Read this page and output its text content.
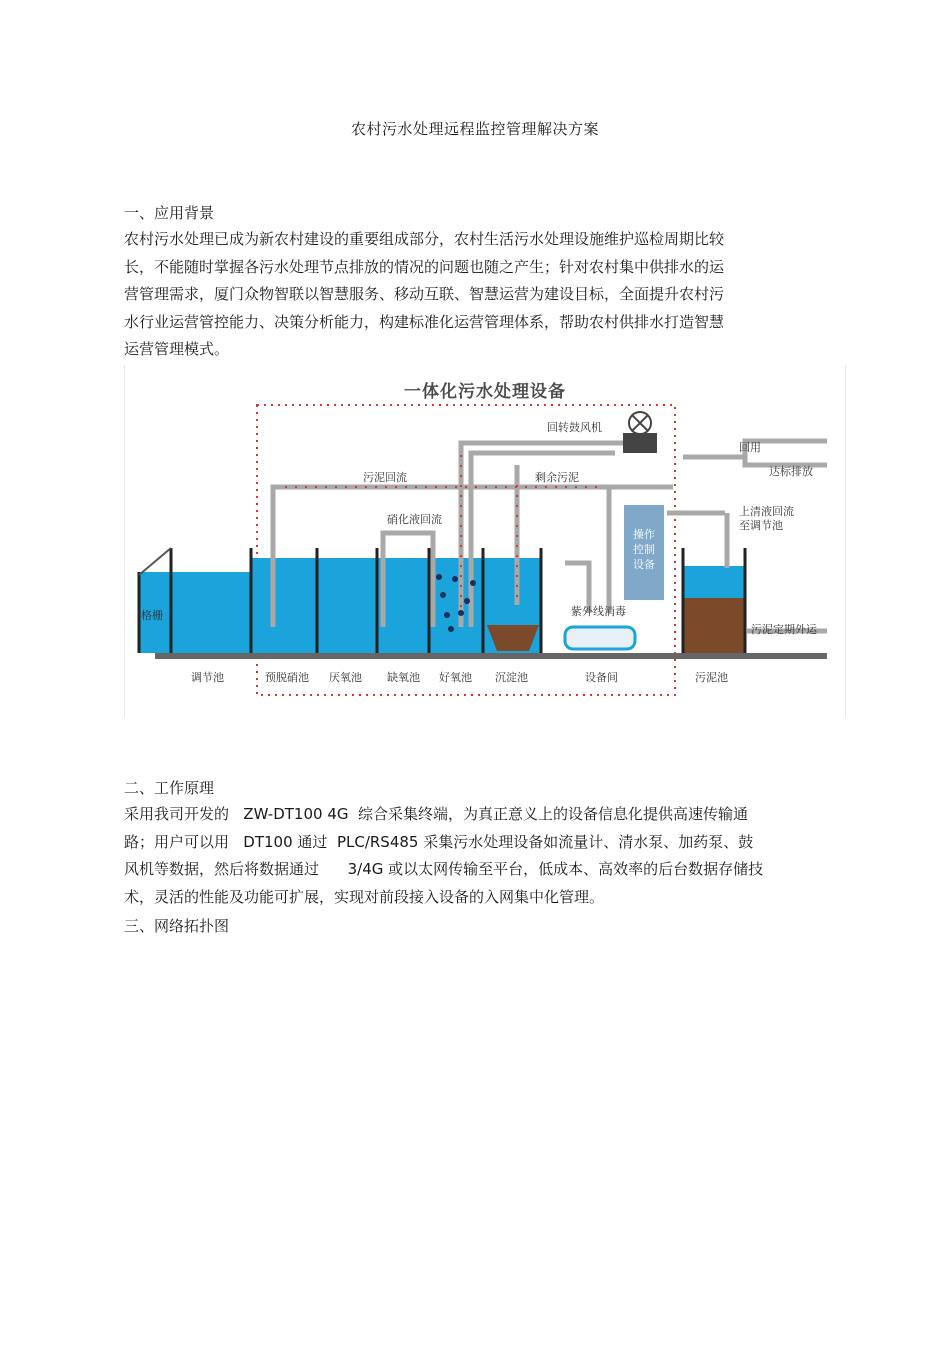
农村污水处理远程监控管理解决方案
一、应用背景
农村污水处理已成为新农村建设的重要组成部分，农村生活污水处理设施维护巡检周期比较
长，不能随时掌握各污水处理节点排放的情况的问题也随之产生；针对农村集中供排水的运
营管理需求，厦门众物智联以智慧服务、移动互联、智慧运营为建设目标，全面提升农村污
水行业运营管控能力、决策分析能力，构建标准化运营管理体系，帮助农村供排水打造智慧
运营管理模式。
一体化污水处理设备
回转鼓风机
污泥回流	剩余污泥
硝化液回流
回用
达标排放
上清液回流
至调节池
格栅	紫外线消毒
污泥定期外运
操作
控制
设备
调节池	预脱硝池 厌氧池 缺氧池 好氧池 沉淀池	设备间	污泥池
二、工作原理
采用我司开发的   ZW-DT100 4G  综合采集终端，为真正意义上的设备信息化提供高速传输通
路；用户可以用   DT100 通过  PLC/RS485 采集污水处理设备如流量计、清水泵、加药泵、鼓
风机等数据，然后将数据通过      3/4G 或以太网传输至平台，低成本、高效率的后台数据存储技
术，灵活的性能及功能可扩展，实现对前段接入设备的入网集中化管理。
三、网络拓扑图
